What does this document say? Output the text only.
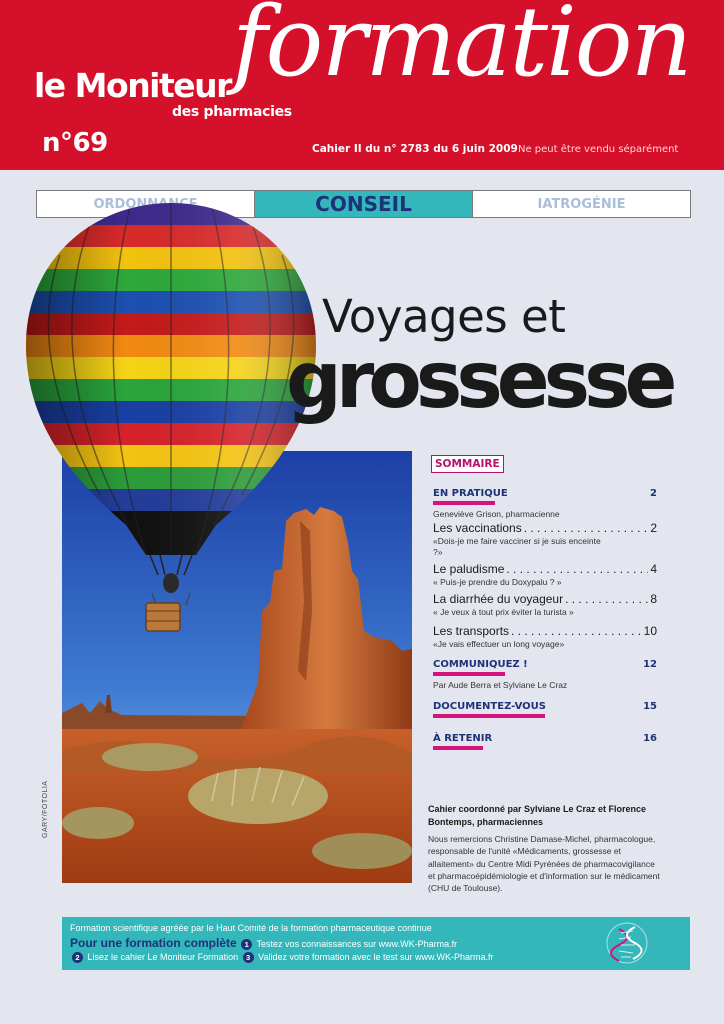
formation
le Moniteur
des pharmacies
n°69	Cahier II du n° 2783 du 6 juin 2009 Ne peut être vendu séparément
ORDONNANCE	CONSEIL	IATROGÉNIE
GARY/FOTOLIA
Voyages et
grossesse
SOMMAIRE
EN PRATIQUE	2
Geneviève Grison, pharmacienne
Les vaccinations . . .	2
«Dois-je me faire vacciner si je suis enceinte ?»
Le paludisme . . .	4
« Puis-je prendre du Doxypalu ? »
La diarrhée du voyageur . . .	8
« Je veux à tout prix éviter la turista »
Les transports . . .	10
«Je vais effectuer un long voyage»
COMMUNIQUEZ !	12
Par Aude Berra et Sylviane Le Craz
DOCUMENTEZ-VOUS	15
À RETENIR	16
Cahier coordonné par Sylviane Le Craz et Florence Bontemps, pharmaciennes
Nous remercions Christine Damase-Michel, pharmacologue, responsable de l'unité «Médicaments, grossesse et allaitement» du Centre Midi Pyrénées de pharmacovigilance et pharmacoépidémiologie et d'information sur le médicament (CHU de Toulouse).
Formation scientifique agréée par le Haut Comité de la formation pharmaceutique continue
Pour une formation complète 1 Testez vos connaissances sur www.WK-Pharma.fr
2 Lisez le cahier Le Moniteur Formation 3 Validez votre formation avec le test sur www.WK-Pharma.fr
